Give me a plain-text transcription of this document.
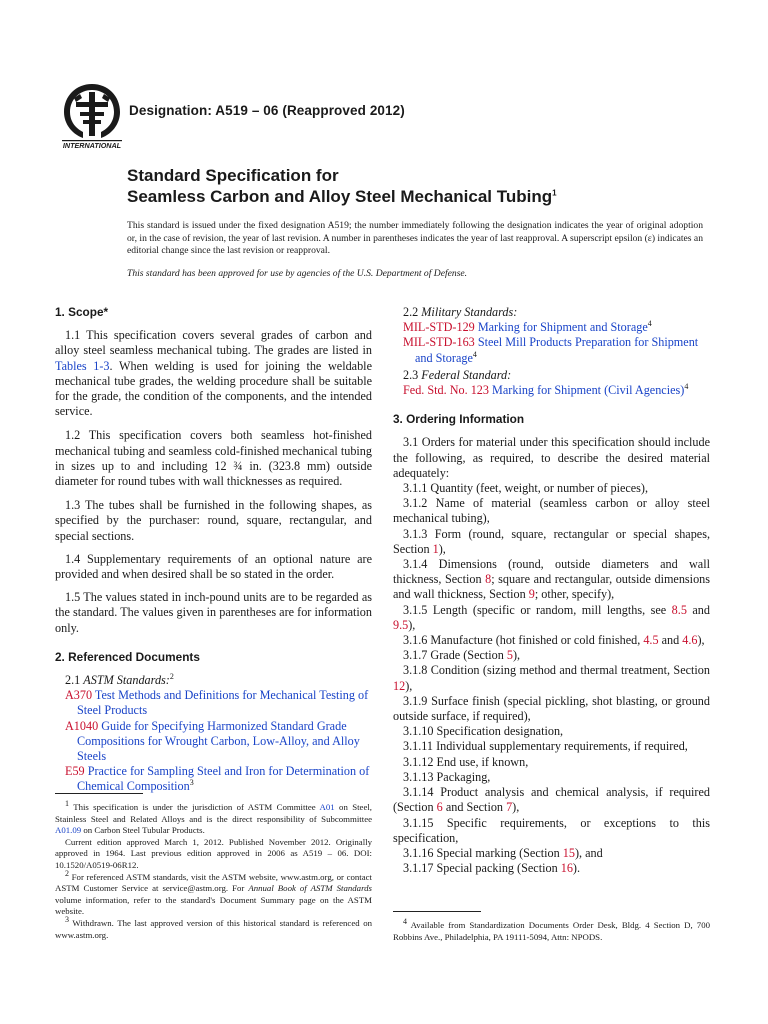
INTERNATIONAL
Designation: A519 – 06 (Reapproved 2012)
Standard Specification for
Seamless Carbon and Alloy Steel Mechanical Tubing$^1$
This standard is issued under the fixed designation A519; the number immediately following the designation indicates the year of original adoption or, in the case of revision, the year of last revision. A number in parentheses indicates the year of last reapproval. A superscript epsilon (ε) indicates an editorial change since the last revision or reapproval.
This standard has been approved for use by agencies of the U.S. Department of Defense.

1. Scope*

1.1 This specification covers several grades of carbon and alloy steel seamless mechanical tubing. The grades are listed in Tables 1-3. When welding is used for joining the weldable mechanical tube grades, the welding procedure shall be suitable for the grade, the condition of the components, and the intended service.

1.2 This specification covers both seamless hot-finished mechanical tubing and seamless cold-finished mechanical tubing in sizes up to and including 12 ¾ in. (323.8 mm) outside diameter for round tubes with wall thicknesses as required.

1.3 The tubes shall be furnished in the following shapes, as specified by the purchaser: round, square, rectangular, and special sections.

1.4 Supplementary requirements of an optional nature are provided and when desired shall be so stated in the order.

1.5 The values stated in inch-pound units are to be regarded as the standard. The values given in parentheses are for information only.

2. Referenced Documents

2.1 ASTM Standards:$^2$

A370 Test Methods and Definitions for Mechanical Testing of Steel Products

A1040 Guide for Specifying Harmonized Standard Grade Compositions for Wrought Carbon, Low-Alloy, and Alloy Steels

E59 Practice for Sampling Steel and Iron for Determination of Chemical Composition$^3$

$^1$ This specification is under the jurisdiction of ASTM Committee A01 on Steel, Stainless Steel and Related Alloys and is the direct responsibility of Subcommittee A01.09 on Carbon Steel Tubular Products.

Current edition approved March 1, 2012. Published November 2012. Originally approved in 1964. Last previous edition approved in 2006 as A519 – 06. DOI: 10.1520/A0519-06R12.

$^2$ For referenced ASTM standards, visit the ASTM website, www.astm.org, or contact ASTM Customer Service at service@astm.org. For Annual Book of ASTM Standards volume information, refer to the standard's Document Summary page on the ASTM website.

$^3$ Withdrawn. The last approved version of this historical standard is referenced on www.astm.org.

2.2 Military Standards:

MIL-STD-129 Marking for Shipment and Storage$^4$

MIL-STD-163 Steel Mill Products Preparation for Shipment and Storage$^4$

2.3 Federal Standard:

Fed. Std. No. 123 Marking for Shipment (Civil Agencies)$^4$

3. Ordering Information

3.1 Orders for material under this specification should include the following, as required, to describe the desired material adequately:

3.1.1 Quantity (feet, weight, or number of pieces),

3.1.2 Name of material (seamless carbon or alloy steel mechanical tubing),

3.1.3 Form (round, square, rectangular or special shapes, Section 1),

3.1.4 Dimensions (round, outside diameters and wall thickness, Section 8; square and rectangular, outside dimensions and wall thickness, Section 9; other, specify),

3.1.5 Length (specific or random, mill lengths, see 8.5 and 9.5),

3.1.6 Manufacture (hot finished or cold finished, 4.5 and 4.6),

3.1.7 Grade (Section 5),

3.1.8 Condition (sizing method and thermal treatment, Section 12),

3.1.9 Surface finish (special pickling, shot blasting, or ground outside surface, if required),

3.1.10 Specification designation,

3.1.11 Individual supplementary requirements, if required,

3.1.12 End use, if known,

3.1.13 Packaging,

3.1.14 Product analysis and chemical analysis, if required (Section 6 and Section 7),

3.1.15 Specific requirements, or exceptions to this specification,

3.1.16 Special marking (Section 15), and

3.1.17 Special packing (Section 16).

$^4$ Available from Standardization Documents Order Desk, Bldg. 4 Section D, 700 Robbins Ave., Philadelphia, PA 19111-5094, Attn: NPODS.
